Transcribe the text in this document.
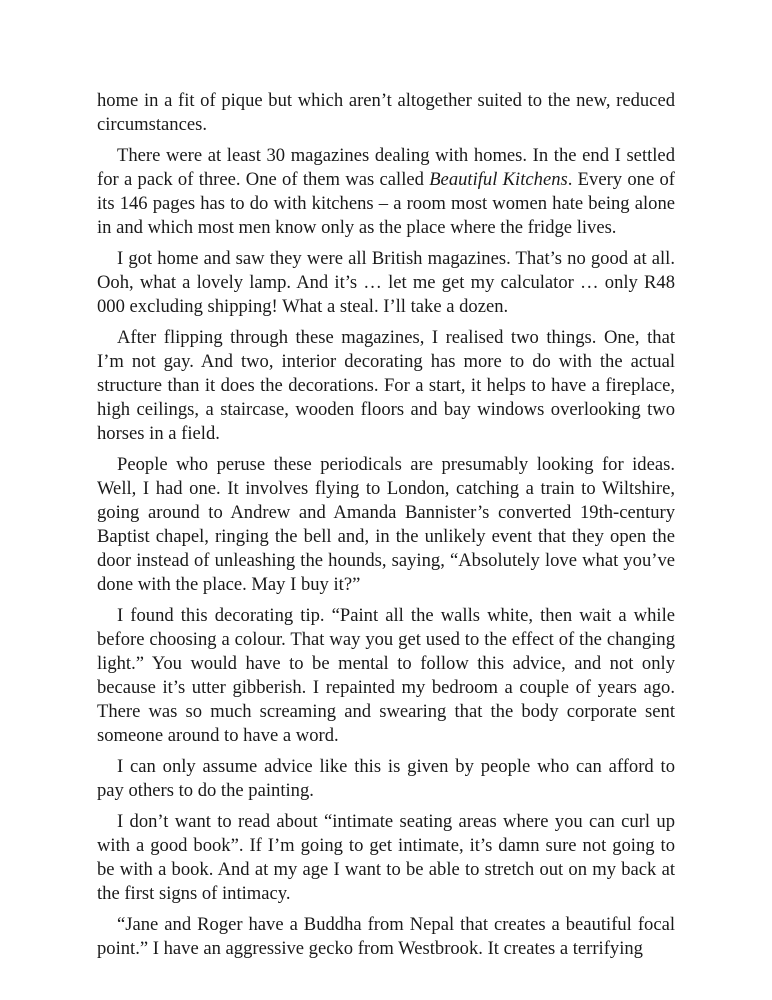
home in a fit of pique but which aren’t altogether suited to the new, reduced circumstances.

There were at least 30 magazines dealing with homes. In the end I settled for a pack of three. One of them was called Beautiful Kitchens. Every one of its 146 pages has to do with kitchens – a room most women hate being alone in and which most men know only as the place where the fridge lives.

I got home and saw they were all British magazines. That’s no good at all. Ooh, what a lovely lamp. And it’s … let me get my calculator … only R48 000 excluding shipping! What a steal. I’ll take a dozen.

After flipping through these magazines, I realised two things. One, that I’m not gay. And two, interior decorating has more to do with the actual structure than it does the decorations. For a start, it helps to have a fireplace, high ceilings, a staircase, wooden floors and bay windows overlooking two horses in a field.

People who peruse these periodicals are presumably looking for ideas. Well, I had one. It involves flying to London, catching a train to Wiltshire, going around to Andrew and Amanda Bannister’s converted 19th-century Baptist chapel, ringing the bell and, in the unlikely event that they open the door instead of unleashing the hounds, saying, “Absolutely love what you’ve done with the place. May I buy it?”

I found this decorating tip. “Paint all the walls white, then wait a while before choosing a colour. That way you get used to the effect of the changing light.” You would have to be mental to follow this advice, and not only because it’s utter gibberish. I repainted my bedroom a couple of years ago. There was so much screaming and swearing that the body corporate sent someone around to have a word.

I can only assume advice like this is given by people who can afford to pay others to do the painting.

I don’t want to read about “intimate seating areas where you can curl up with a good book”. If I’m going to get intimate, it’s damn sure not going to be with a book. And at my age I want to be able to stretch out on my back at the first signs of intimacy.

“Jane and Roger have a Buddha from Nepal that creates a beautiful focal point.” I have an aggressive gecko from Westbrook. It creates a terrifying
